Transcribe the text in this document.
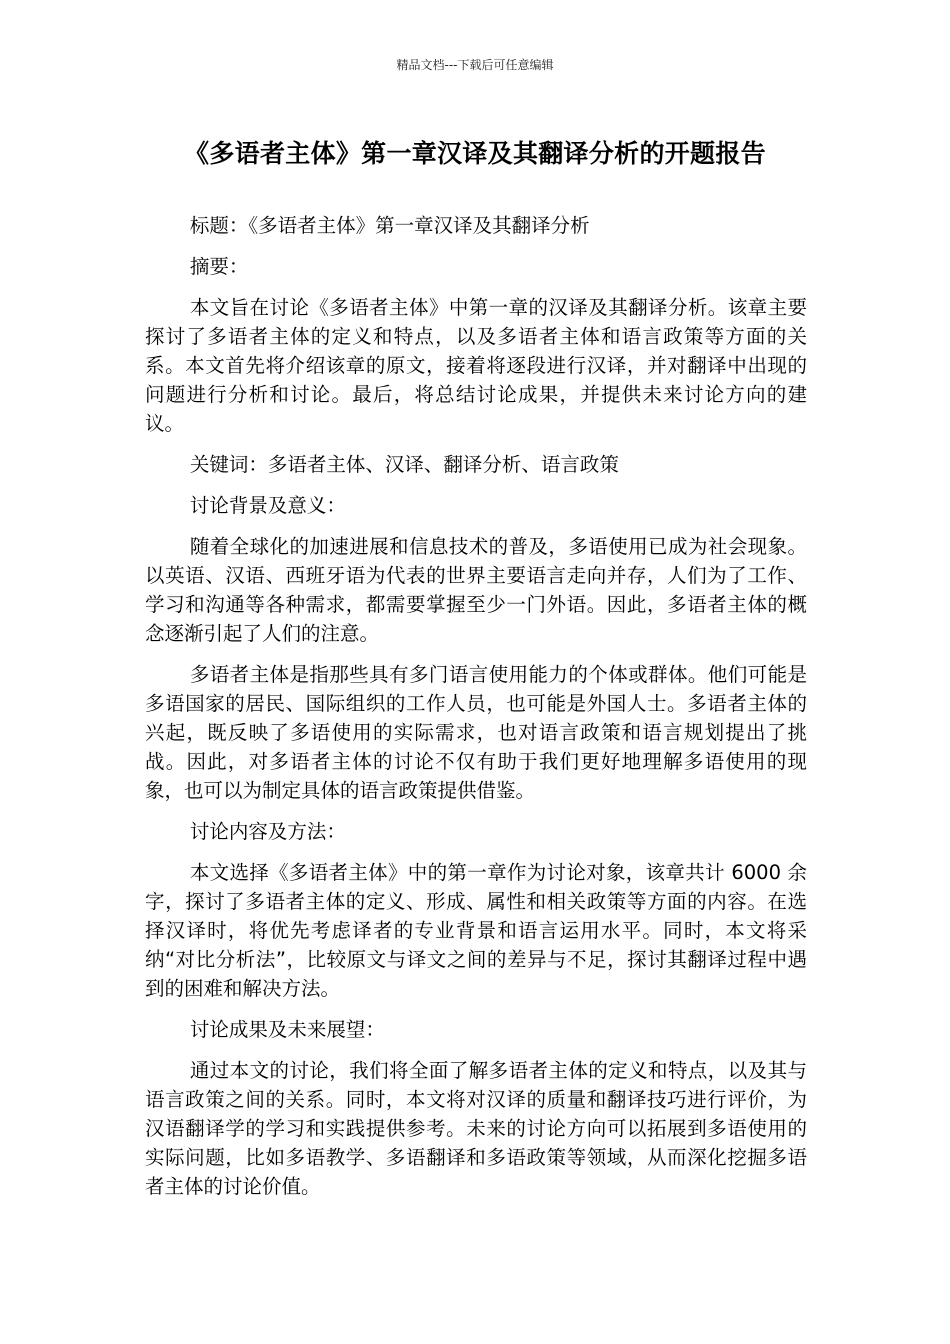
精品文档---下载后可任意编辑
《多语者主体》第一章汉译及其翻译分析的开题报告

标题：《多语者主体》第一章汉译及其翻译分析

摘要：

本文旨在讨论《多语者主体》中第一章的汉译及其翻译分析。该章主要探讨了多语者主体的定义和特点，以及多语者主体和语言政策等方面的关系。本文首先将介绍该章的原文，接着将逐段进行汉译，并对翻译中出现的问题进行分析和讨论。最后，将总结讨论成果，并提供未来讨论方向的建议。

关键词：多语者主体、汉译、翻译分析、语言政策

讨论背景及意义：

随着全球化的加速进展和信息技术的普及，多语使用已成为社会现象。以英语、汉语、西班牙语为代表的世界主要语言走向并存，人们为了工作、学习和沟通等各种需求，都需要掌握至少一门外语。因此，多语者主体的概念逐渐引起了人们的注意。

多语者主体是指那些具有多门语言使用能力的个体或群体。他们可能是多语国家的居民、国际组织的工作人员，也可能是外国人士。多语者主体的兴起，既反映了多语使用的实际需求，也对语言政策和语言规划提出了挑战。因此，对多语者主体的讨论不仅有助于我们更好地理解多语使用的现象，也可以为制定具体的语言政策提供借鉴。

讨论内容及方法：

本文选择《多语者主体》中的第一章作为讨论对象，该章共计 6000 余字，探讨了多语者主体的定义、形成、属性和相关政策等方面的内容。在选择汉译时，将优先考虑译者的专业背景和语言运用水平。同时，本文将采纳“对比分析法”，比较原文与译文之间的差异与不足，探讨其翻译过程中遇到的困难和解决方法。

讨论成果及未来展望：

通过本文的讨论，我们将全面了解多语者主体的定义和特点，以及其与语言政策之间的关系。同时，本文将对汉译的质量和翻译技巧进行评价，为汉语翻译学的学习和实践提供参考。未来的讨论方向可以拓展到多语使用的实际问题，比如多语教学、多语翻译和多语政策等领域，从而深化挖掘多语者主体的讨论价值。
